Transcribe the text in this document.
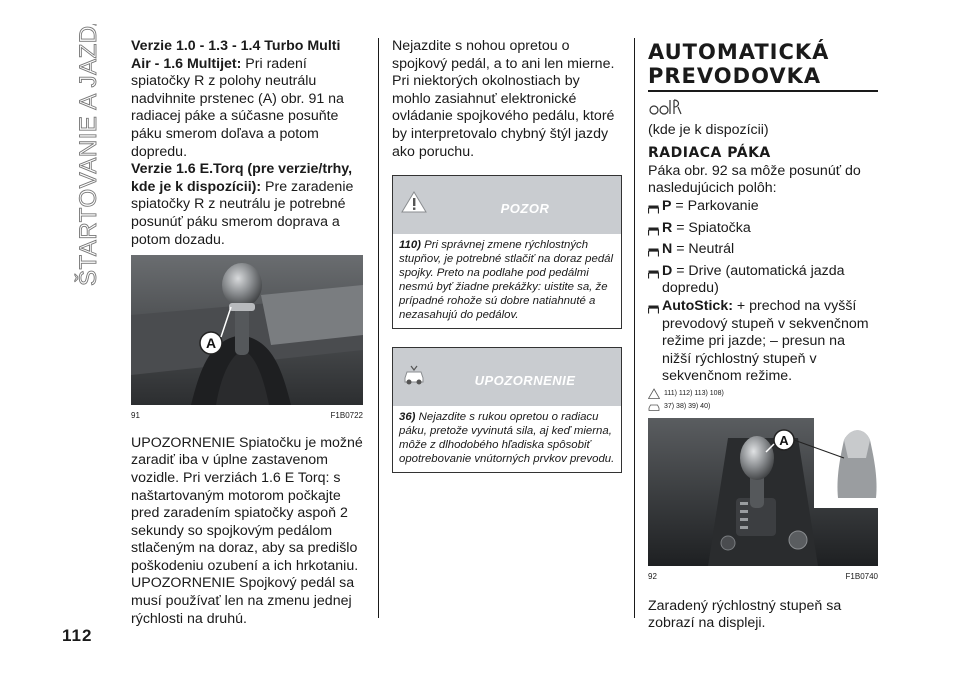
ŠTARTOVANIE A JAZDA
112

Verzie 1.0 - 1.3 - 1.4 Turbo Multi Air - 1.6 Multijet: Pri radení spiatočky R z polohy neutrálu nadvihnite prstenec (A) obr. 91 na radiacej páke a súčasne posuňte páku smerom doľava a potom dopredu.

Verzie 1.6 E.Torq (pre verzie/trhy, kde je k dispozícii): Pre zaradenie spiatočky R z neutrálu je potrebné posunúť páku smerom doprava a potom dozadu.

A
91	F1B0722

UPOZORNENIE Spiatočku je možné zaradiť iba v úplne zastavenom vozidle. Pri verziách 1.6 E Torq: s naštartovaným motorom počkajte pred zaradením spiatočky aspoň 2 sekundy so spojkovým pedálom stlačeným na doraz, aby sa predišlo poškodeniu ozubení a ich hrkotaniu.

UPOZORNENIE Spojkový pedál sa musí používať len na zmenu jednej rýchlosti na druhú.

Nejazdite s nohou opretou o spojkový pedál, a to ani len mierne. Pri niektorých okolnostiach by mohlo zasiahnuť elektronické ovládanie spojkového pedálu, ktoré by interpretovalo chybný štýl jazdy ako poruchu.

POZOR
110) Pri správnej zmene rýchlostných stupňov, je potrebné stlačiť na doraz pedál spojky. Preto na podlahe pod pedálmi nesmú byť žiadne prekážky: uistite sa, že prípadné rohože sú dobre natiahnuté a nezasahujú do pedálov.
UPOZORNENIE
36) Nejazdite s rukou opretou o radiacu páku, pretože vyvinutá sila, aj keď mierna, môže z dlhodobého hľadiska spôsobiť opotrebovanie vnútorných prvkov prevodu.
AUTOMATICKÁ
PREVODOVKA

(kde je k dispozícii)

RADIACA PÁKA

Páka obr. 92 sa môže posunúť do nasledujúcich polôh:

P = Parkovanie
R = Spiatočka
N = Neutrál
D = Drive (automatická jazda dopredu)
AutoStick: + prechod na vyšší prevodový stupeň v sekvenčnom režime pri jazde; – presun na nižší rýchlostný stupeň v sekvenčnom režime.
111) 112) 113) 108)
37) 38) 39) 40)
A
92	F1B0740

Zaradený rýchlostný stupeň sa zobrazí na displeji.
